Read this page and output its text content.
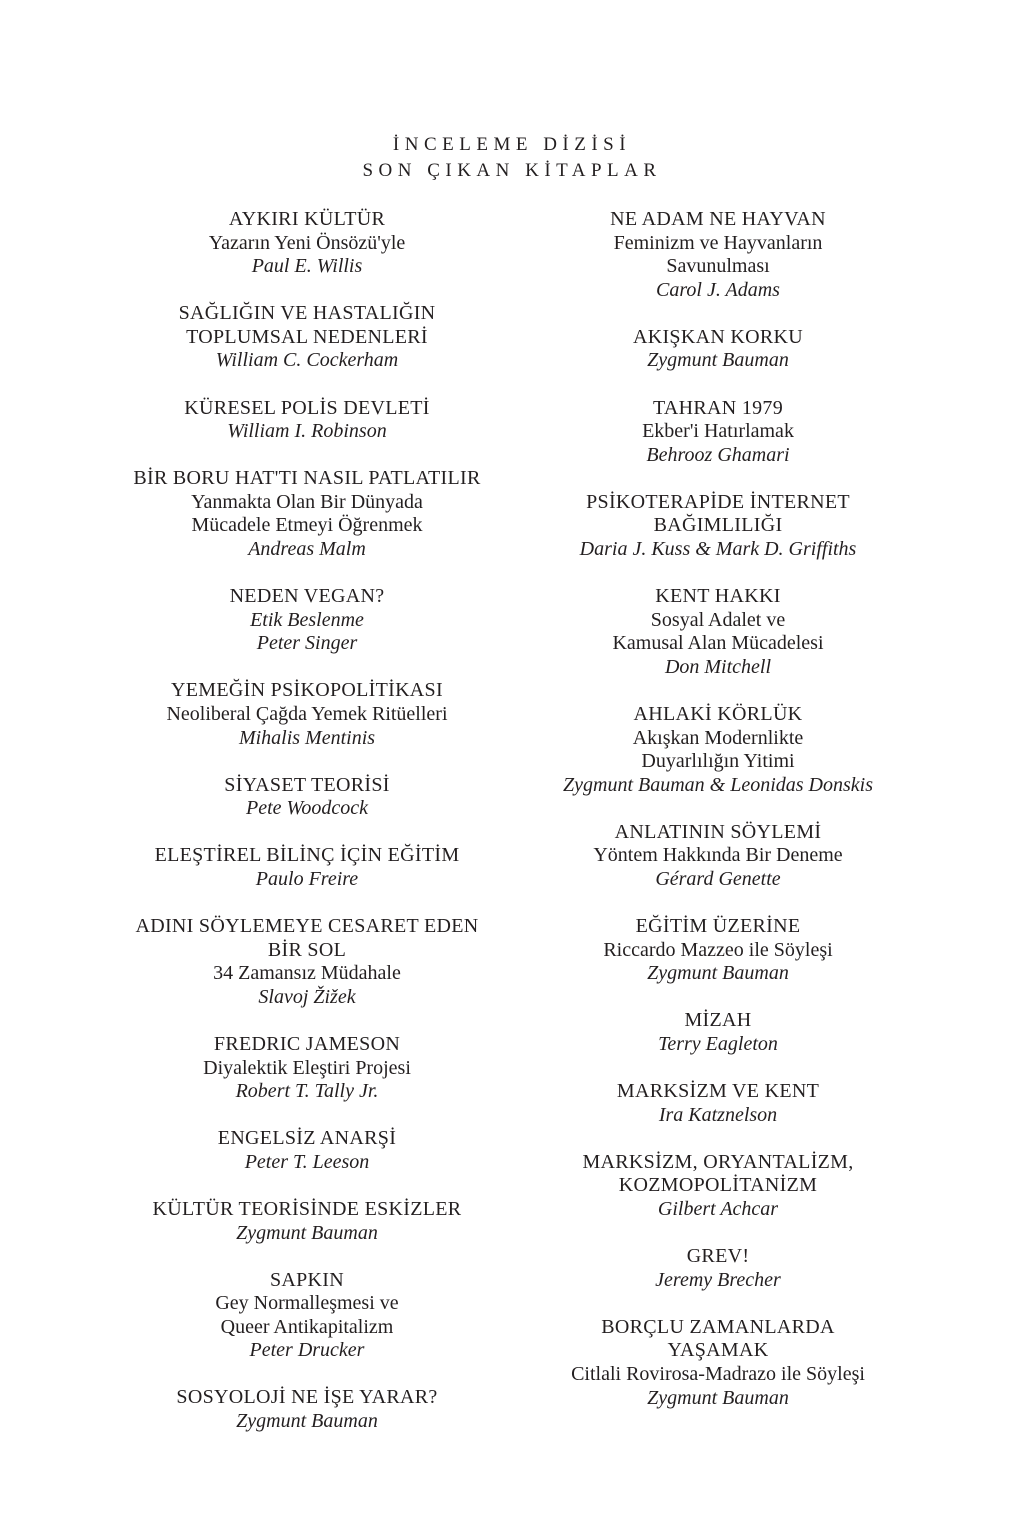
İNCELEME DİZİSİ
SON ÇIKAN KİTAPLAR
AYKIRI KÜLTÜR
Yazarın Yeni Önsözü'yle
Paul E. Willis
SAĞLIĞIN VE HASTALIĞIN
TOPLUMSAL NEDENLERİ
William C. Cockerham
KÜRESEL POLİS DEVLETİ
William I. Robinson
BİR BORU HAT'TI NASIL PATLATILIR
Yanmakta Olan Bir Dünyada
Mücadele Etmeyi Öğrenmek
Andreas Malm
NEDEN VEGAN?
Etik Beslenme
Peter Singer
YEMEĞİN PSİKOPOLİTİKASI
Neoliberal Çağda Yemek Ritüelleri
Mihalis Mentinis
SİYASET TEORİSİ
Pete Woodcock
ELEŞTİREL BİLİNÇ İÇİN EĞİTİM
Paulo Freire
ADINI SÖYLEMEYE CESARET EDEN
BİR SOL
34 Zamansız Müdahale
Slavoj Žižek
FREDRIC JAMESON
Diyalektik Eleştiri Projesi
Robert T. Tally Jr.
ENGELSİZ ANARŞİ
Peter T. Leeson
KÜLTÜR TEORİSİNDE ESKİZLER
Zygmunt Bauman
SAPKIN
Gey Normalleşmesi ve
Queer Antikapitalizm
Peter Drucker
SOSYOLOJİ NE İŞE YARAR?
Zygmunt Bauman
NE ADAM NE HAYVAN
Feminizm ve Hayvanların
Savunulması
Carol J. Adams
AKIŞKAN KORKU
Zygmunt Bauman
TAHRAN 1979
Ekber'i Hatırlamak
Behrooz Ghamari
PSİKOTERAPİDE İNTERNET
BAĞIMLILIĞI
Daria J. Kuss & Mark D. Griffiths
KENT HAKKI
Sosyal Adalet ve
Kamusal Alan Mücadelesi
Don Mitchell
AHLAKİ KÖRLÜK
Akışkan Modernlikte
Duyarlılığın Yitimi
Zygmunt Bauman & Leonidas Donskis
ANLATININ SÖYLEMİ
Yöntem Hakkında Bir Deneme
Gérard Genette
EĞİTİM ÜZERİNE
Riccardo Mazzeo ile Söyleşi
Zygmunt Bauman
MİZAH
Terry Eagleton
MARKSİZM VE KENT
Ira Katznelson
MARKSİZM, ORYANTALİZM,
KOZMOPOLİTANİZM
Gilbert Achcar
GREV!
Jeremy Brecher
BORÇLU ZAMANLARDA
YAŞAMAK
Citlali Rovirosa-Madrazo ile Söyleşi
Zygmunt Bauman
